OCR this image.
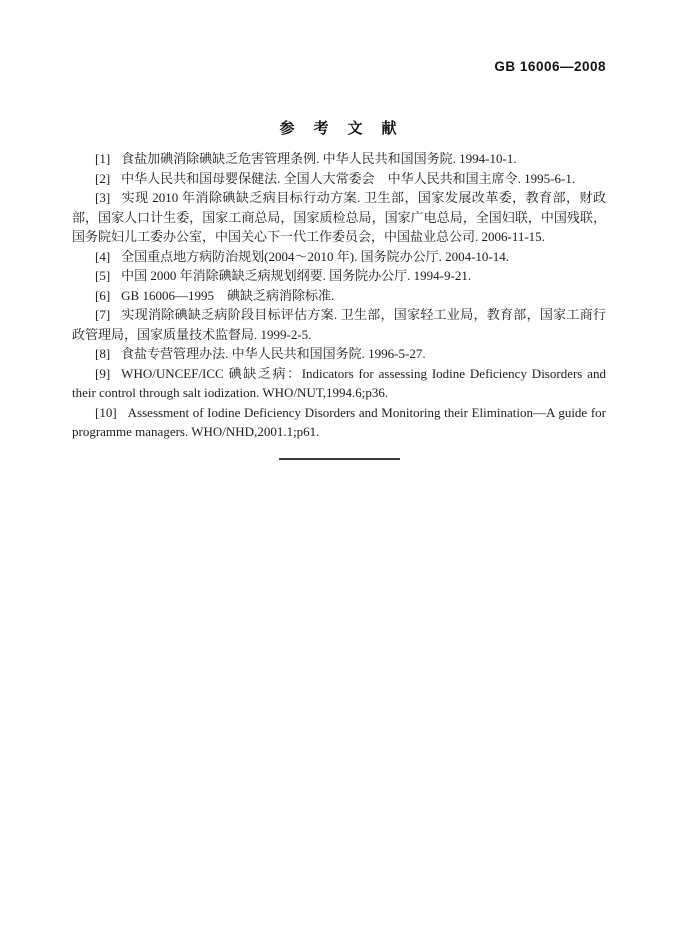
GB 16006—2008
参　考　文　献

[1] 食盐加碘消除碘缺乏危害管理条例. 中华人民共和国国务院. 1994-10-1.

[2] 中华人民共和国母婴保健法. 全国人大常委会　中华人民共和国主席令. 1995-6-1.

[3] 实现 2010 年消除碘缺乏病目标行动方案. 卫生部，国家发展改革委，教育部，财政部，国家人口计生委，国家工商总局，国家质检总局，国家广电总局，全国妇联，中国残联，国务院妇儿工委办公室，中国关心下一代工作委员会，中国盐业总公司. 2006-11-15.

[4] 全国重点地方病防治规划(2004～2010 年). 国务院办公厅. 2004-10-14.

[5] 中国 2000 年消除碘缺乏病规划纲要. 国务院办公厅. 1994-9-21.

[6] GB 16006—1995　碘缺乏病消除标准.

[7] 实现消除碘缺乏病阶段目标评估方案. 卫生部，国家轻工业局，教育部，国家工商行政管理局，国家质量技术监督局. 1999-2-5.

[8] 食盐专营管理办法. 中华人民共和国国务院. 1996-5-27.

[9] WHO/UNCEF/ICC 碘缺乏病：Indicators for assessing Iodine Deficiency Disorders and their control through salt iodization. WHO/NUT,1994.6;p36.

[10] Assessment of Iodine Deficiency Disorders and Monitoring their Elimination—A guide for programme managers. WHO/NHD,2001.1;p61.
